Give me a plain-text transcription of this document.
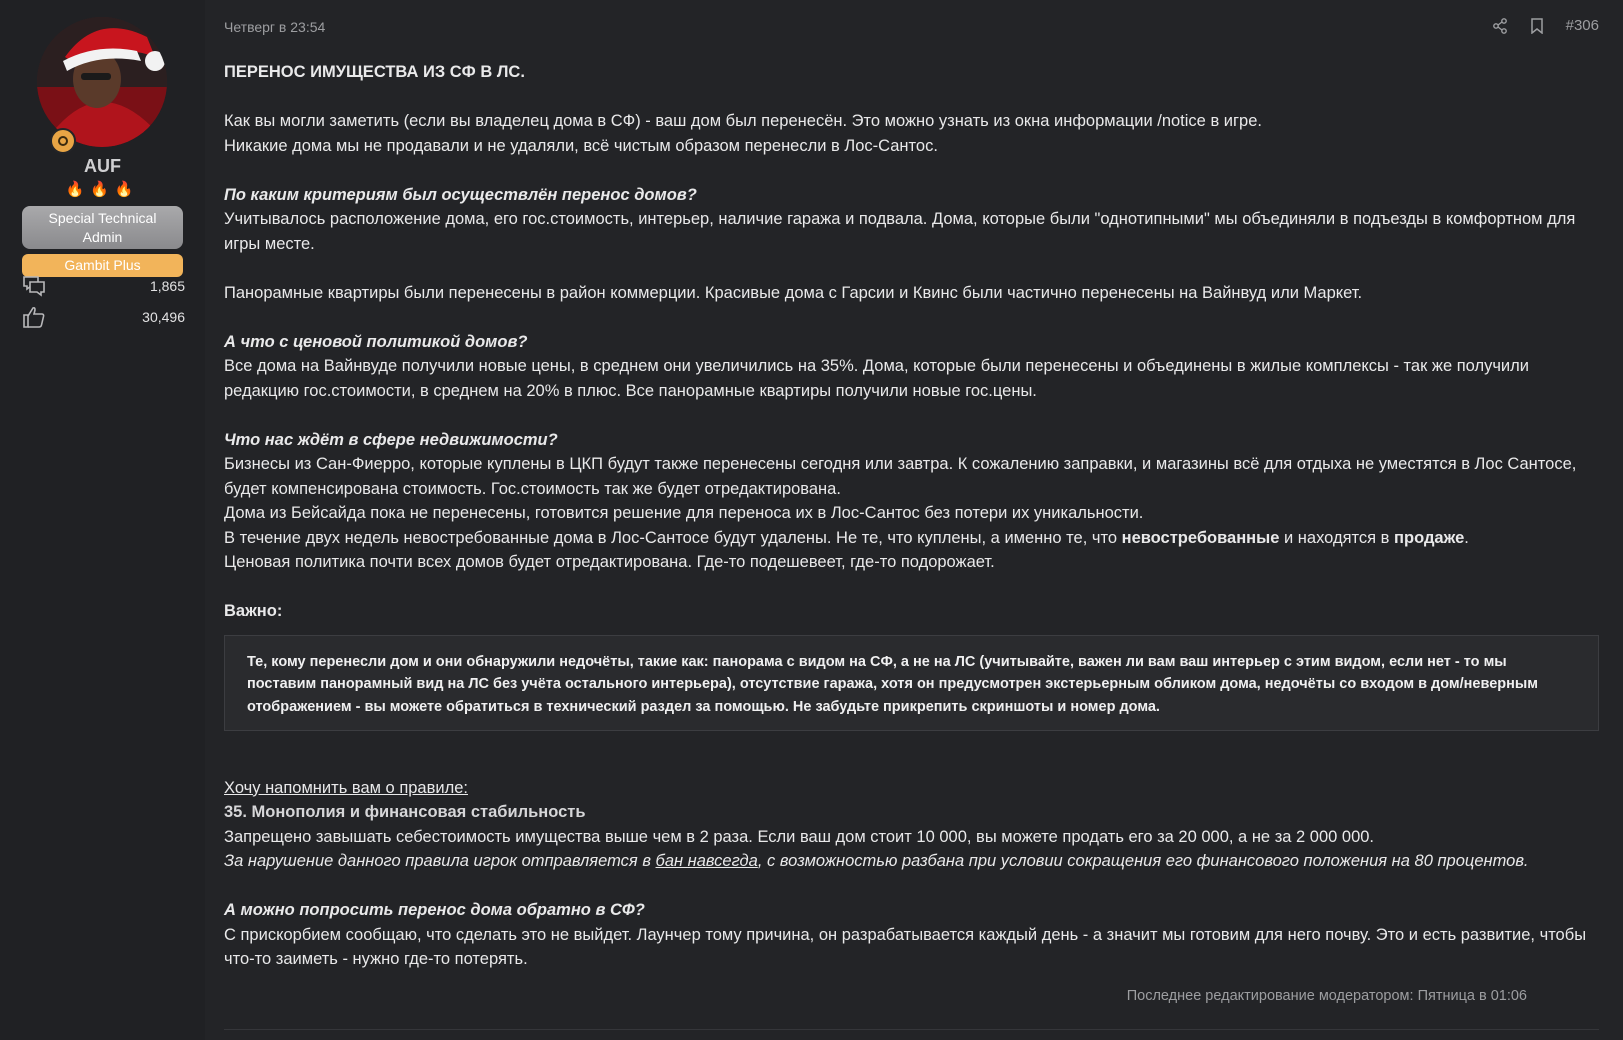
AUF
🔥🔥🔥
Special Technical Admin
Gambit Plus
1,865
30,496
Четверг в 23:54	#306

ПЕРЕНОС ИМУЩЕСТВА ИЗ СФ В ЛС.

Как вы могли заметить (если вы владелец дома в СФ) - ваш дом был перенесён. Это можно узнать из окна информации /notice в игре.

Никакие дома мы не продавали и не удаляли, всё чистым образом перенесли в Лос-Сантос.

По каким критериям был осуществлён перенос домов?

Учитывалось расположение дома, его гос.стоимость, интерьер, наличие гаража и подвала. Дома, которые были "однотипными" мы объединяли в подъезды в комфортном для игры месте.

Панорамные квартиры были перенесены в район коммерции. Красивые дома с Гарсии и Квинс были частично перенесены на Вайнвуд или Маркет.

А что с ценовой политикой домов?

Все дома на Вайнвуде получили новые цены, в среднем они увеличились на 35%. Дома, которые были перенесены и объединены в жилые комплексы - так же получили редакцию гос.стоимости, в среднем на 20% в плюс. Все панорамные квартиры получили новые гос.цены.

Что нас ждёт в сфере недвижимости?

Бизнесы из Сан-Фиерро, которые куплены в ЦКП будут также перенесены сегодня или завтра. К сожалению заправки, и магазины всё для отдыха не уместятся в Лос Сантосе, будет компенсирована стоимость. Гос.стоимость так же будет отредактирована.

Дома из Бейсайда пока не перенесены, готовится решение для переноса их в Лос-Сантос без потери их уникальности.

В течение двух недель невостребованные дома в Лос-Сантосе будут удалены. Не те, что куплены, а именно те, что невостребованные и находятся в продаже.

Ценовая политика почти всех домов будет отредактирована. Где-то подешевеет, где-то подорожает.

Важно:

Те, кому перенесли дом и они обнаружили недочёты, такие как: панорама с видом на СФ, а не на ЛС (учитывайте, важен ли вам ваш интерьер с этим видом, если нет - то мы поставим панорамный вид на ЛС без учёта остального интерьера), отсутствие гаража, хотя он предусмотрен экстерьерным обликом дома, недочёты со входом в дом/неверным отображением - вы можете обратиться в технический раздел за помощью. Не забудьте прикрепить скриншоты и номер дома.

Хочу напомнить вам о правиле:

35. Монополия и финансовая стабильность

Запрещено завышать себестоимость имущества выше чем в 2 раза. Если ваш дом стоит 10 000, вы можете продать его за 20 000, а не за 2 000 000.

За нарушение данного правила игрок отправляется в бан навсегда, с возможностью разбана при условии сокращения его финансового положения на 80 процентов.

А можно попросить перенос дома обратно в СФ?

С прискорбием сообщаю, что сделать это не выйдет. Лаунчер тому причина, он разрабатывается каждый день - а значит мы готовим для него почву. Это и есть развитие, чтобы что-то заиметь - нужно где-то потерять.

Последнее редактирование модератором: Пятница в 01:06
